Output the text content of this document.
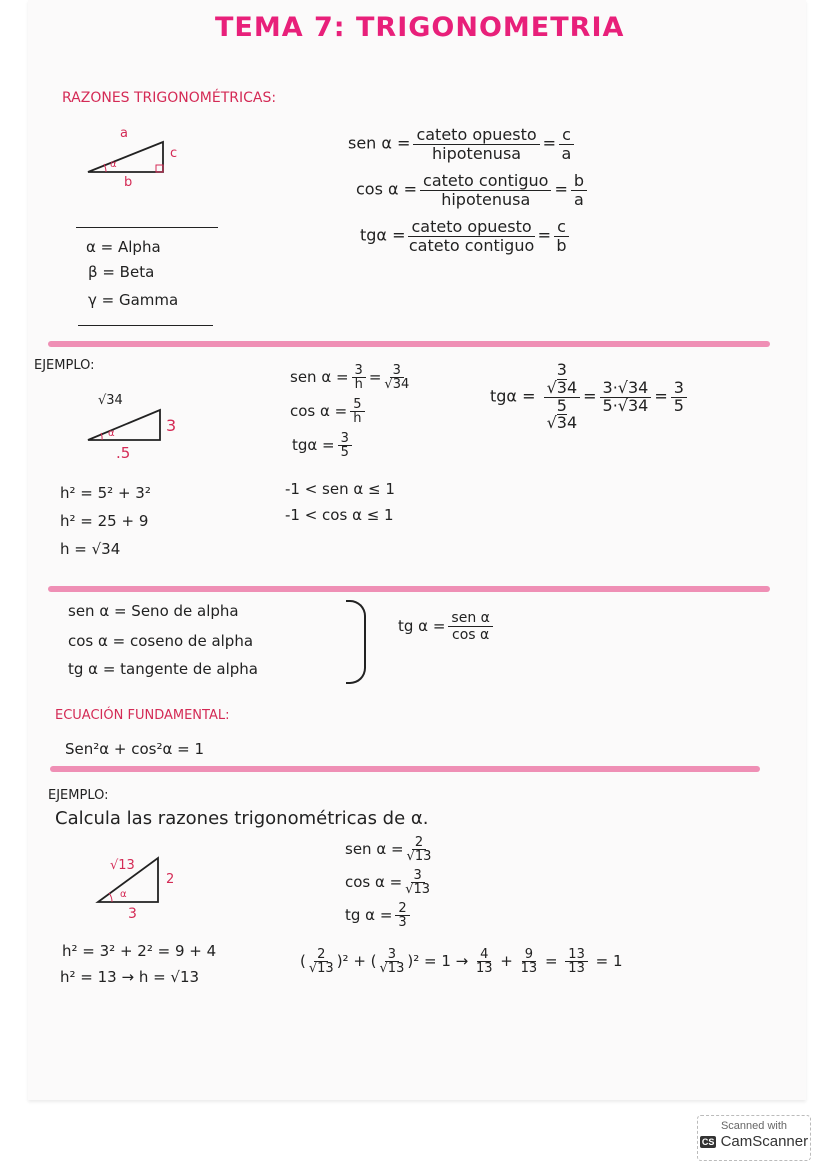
TEMA 7: TRIGONOMETRIA
RAZONES TRIGONOMÉTRICAS:
a
c
b
α
sen $\alpha = \frac{\text{cateto opuesto}}{\text{hipotenusa}} = \frac{c}{a}$
$\cos \alpha = \frac{\text{cateto contiguo}}{\text{hipotenusa}} = \frac{b}{a}$
$tg\alpha = \frac{\text{cateto opuesto}}{\text{cateto contiguo}} = \frac{c}{b}$
α = Alpha
β = Beta
γ = Gamma
EJEMPLO:
√34
3
.5
α
sen $\alpha = \frac{3}{h} = \frac{3}{√34}$
$\cos \alpha = \frac{5}{h}$
$tg\alpha = \frac{3}{5}$
tgα = 3
√34
5
$√34 = \frac{3\cdot√34}{5\cdot√34} = \frac{3}{5}$
-1 < sen α ≤ 1
-1 < cos α ≤ 1
h² = 5² + 3²
h² = 25 + 9
h = √34
sen α = Seno de alpha
cos α = coseno de alpha
tg α = tangente de alpha
tg $\alpha = \frac{\text{sen α}}{\text{cos α}}$
ECUACIÓN FUNDAMENTAL:
Sen²α + cos²α = 1
EJEMPLO:
Calcula las razones trigonométricas de α.
√13
2
3
α
sen $\alpha = \frac{2}{√13}$
$\cos \alpha = \frac{3}{√13}$
tg $\alpha = \frac{2}{3}$
h² = 3² + 2² = 9 + 4
h² = 13 → h = √13
( $\frac{2}{√13} )^2$ + ( $\frac{3}{√13} )^2 = 1 \to \frac{4}{13} + \frac{9}{13} = \frac{13}{13} = 1$
Scanned with
CS CamScanner
